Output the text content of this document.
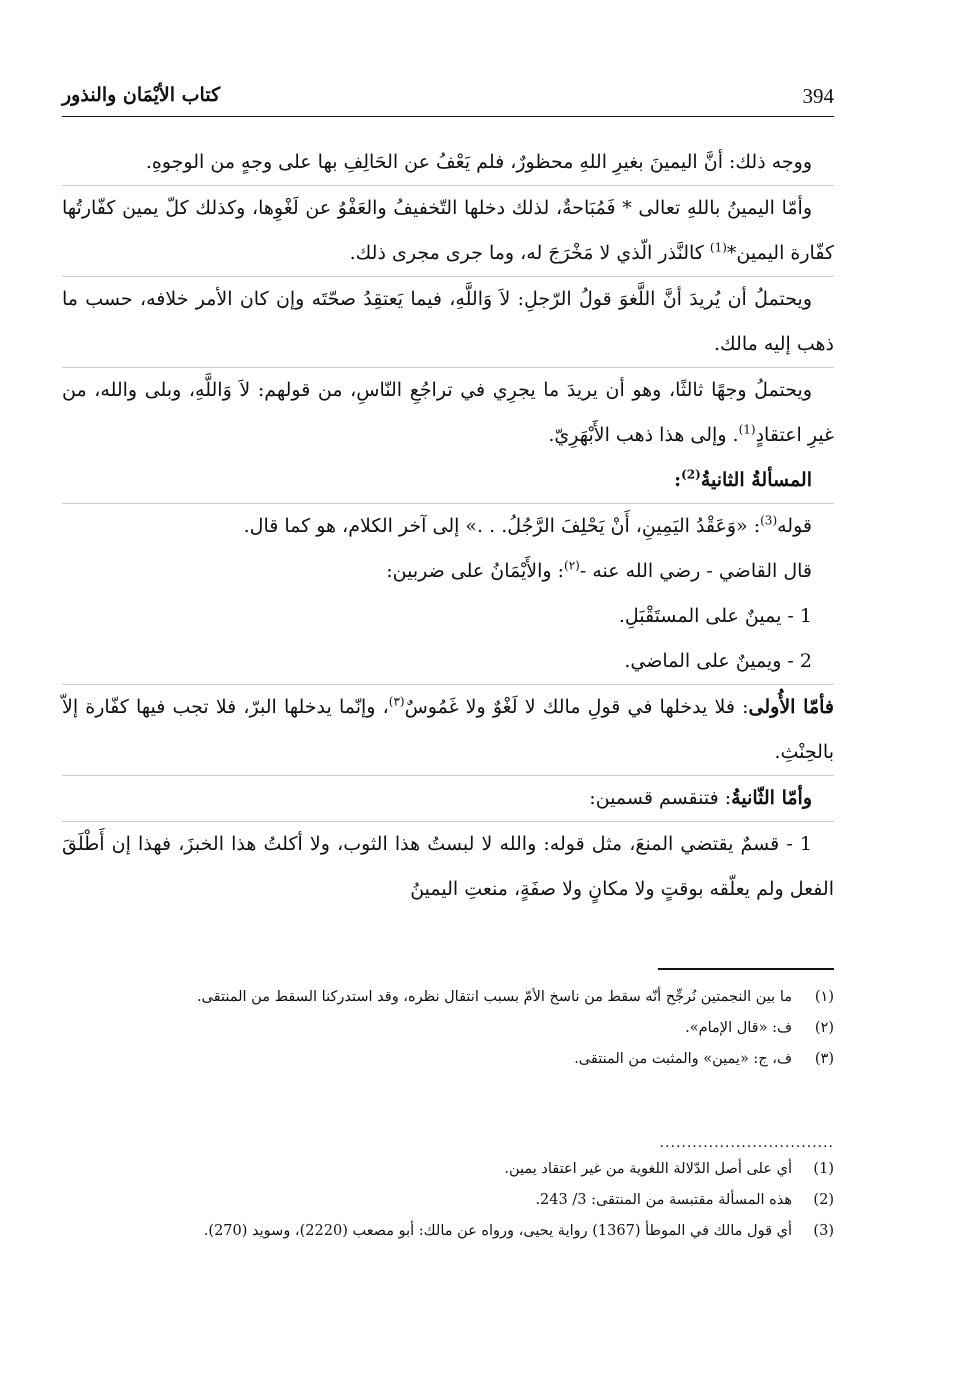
394
كتاب الأيْمَان والنذور

ووجه ذلك: أنَّ اليمينَ بغيرِ اللهِ محظورٌ، فلم يَعْفُ عن الحَالِفِ بها على وجهٍ من الوجوهِ.

وأمّا اليمينُ باللهِ تعالى * فَمُبَاحةٌ، لذلك دخلها التّخفيفُ والعَفْوُ عن لَغْوِها، وكذلك كلّ يمين كفّارتُها كفّارة اليمين*$^{(1)}$ كالنَّذر الّذي لا مَخْرَجَ له، وما جرى مجرى ذلك.

ويحتملُ أن يُريدَ أنَّ اللَّغوَ قولُ الرّجلِ: لاَ وَاللَّهِ، فيما يَعتقِدُ صحّتَه وإن كان الأمر خلافه، حسب ما ذهب إليه مالك.

ويحتملُ وجهًا ثالثًا، وهو أن يريدَ ما يجرِي في تراجُعِ النّاسِ، من قولهم: لاَ وَاللَّهِ، وبلى والله، من غيرِ اعتقادٍ$^{(1)}$. وإلى هذا ذهب الأَبْهَرِيّ.

المسألةُ الثانيةُ$^{(2)}$:

قوله$^{(3)}$: «وَعَقْدُ اليَمِينِ، أَنْ يَحْلِفَ الرَّجُلُ. . .» إلى آخر الكلام، هو كما قال.

قال القاضي - رضي الله عنه -$^{(٢)}$: والأَيْمَانُ على ضربين:

1 - يمينٌ على المستَقْبَلِ.

2 - ويمينٌ على الماضي.

فأمّا الأُولى: فلا يدخلها في قولِ مالك لا لَغْوٌ ولا غَمُوسٌ$^{(٣)}$، وإنّما يدخلها البرّ، فلا تجب فيها كفّارة إلاّ بالحِنْثِ.

وأمّا الثّانيةُ: فتنقسم قسمين:

1 - قسمٌ يقتضي المنعَ، مثل قوله: والله لا لبستُ هذا الثوب، ولا أكلتُ هذا الخبزَ، فهذا إن أَطْلَقَ الفعل ولم يعلّقه بوقتٍ ولا مكانٍ ولا صفَةٍ، منعتِ اليمينُ

(١)
ما بين النجمتين نُرجِّح أنّه سقط من ناسخ الأمّ بسبب انتقال نظره، وقد استدركنا السقط من المنتقى.
(٢)
ف: «قال الإمام».
(٣)
ف، ج: «يمين» والمثبت من المنتقى.
................................
(1)
أي على أصل الدّلالة اللغوية من غير اعتقاد يمين.
(2)
هذه المسألة مقتبسة من المنتقى: 3/ 243.
(3)
أي قول مالك في الموطأ (1367) رواية يحيى، ورواه عن مالك: أبو مصعب (2220)، وسويد (270).
